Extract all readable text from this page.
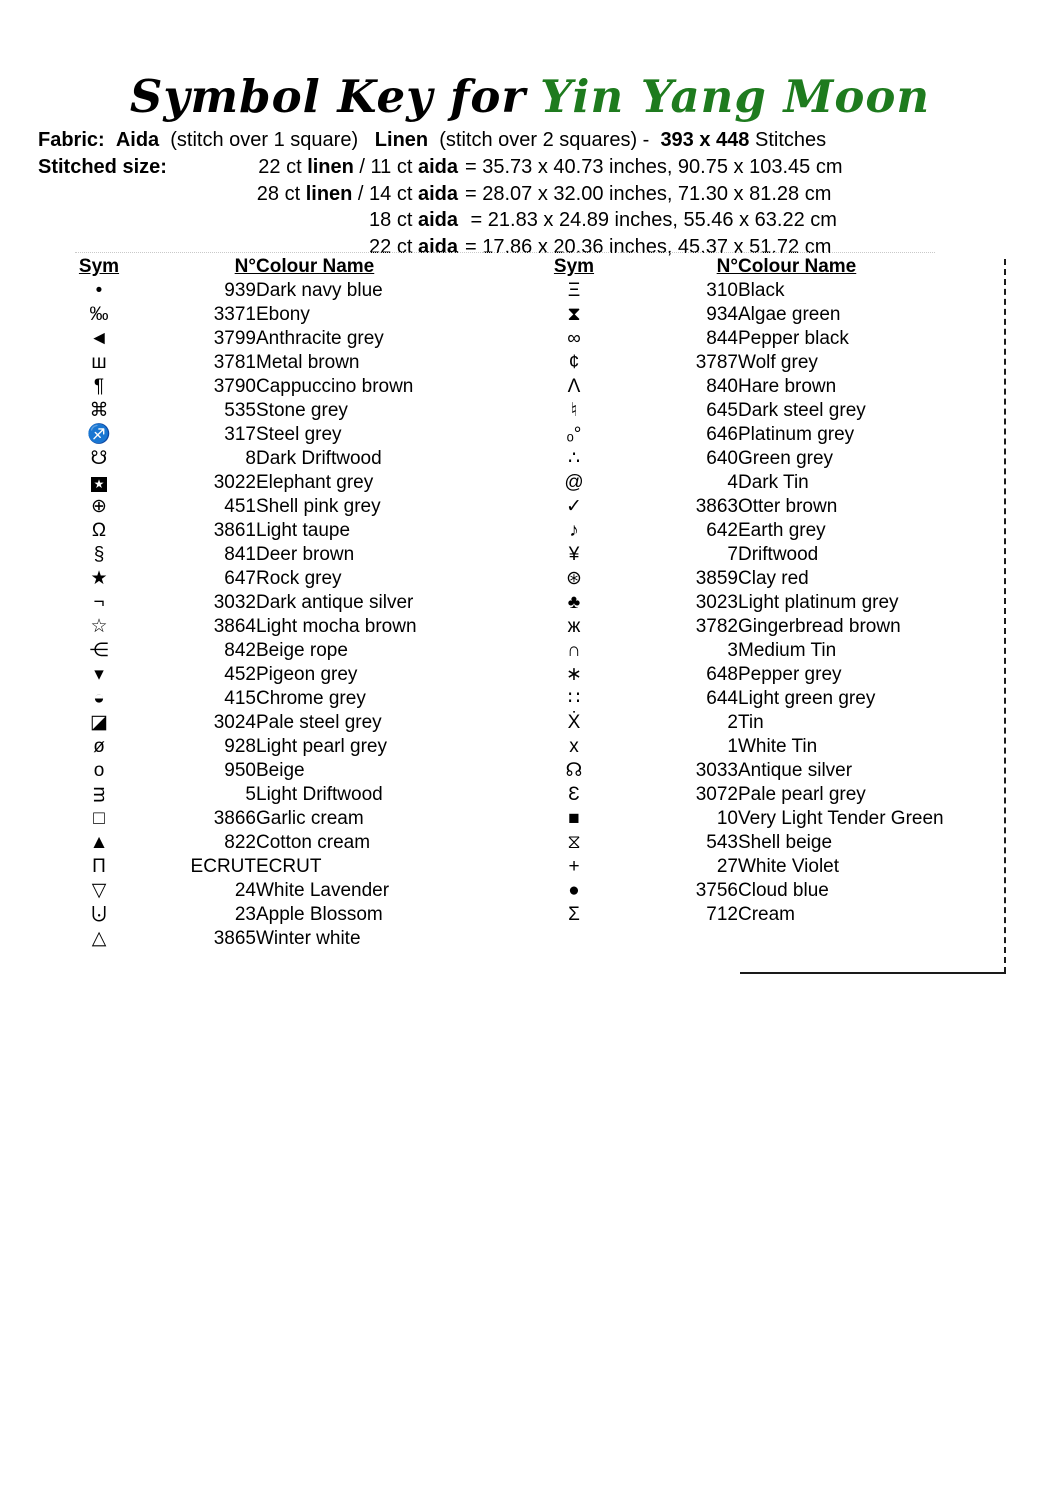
Symbol Key for Yin Yang Moon
Fabric: Aida  (stitch over 1 square)   Linen  (stitch over 2 squares) -  393 x 448 Stitches
Stitched size:	22 ct linen / 11 ct aida = 35.73 x 40.73 inches, 90.75 x 103.45 cm
28 ct linen / 14 ct aida = 28.07 x 32.00 inches, 71.30 x 81.28 cm
18 ct aida = 21.83 x 24.89 inches, 55.46 x 63.22 cm
22 ct aida = 17.86 x 20.36 inches, 45.37 x 51.72 cm
Sym	N°	Colour Name
•	939	Dark navy blue
‰	3371	Ebony
◄	3799	Anthracite grey
ш	3781	Metal brown
¶	3790	Cappuccino brown
⌘	535	Stone grey
♐	317	Steel grey
☋	8	Dark Driftwood
★	3022	Elephant grey
⊕	451	Shell pink grey
Ω	3861	Light taupe
§	841	Deer brown
★	647	Rock grey
¬	3032	Dark antique silver
☆	3864	Light mocha brown
⋲	842	Beige rope
▾	452	Pigeon grey
◒	415	Chrome grey
◪	3024	Pale steel grey
ø	928	Light pearl grey
o	950	Beige
ᴟ	5	Light Driftwood
□	3866	Garlic cream
▲	822	Cotton cream
Π	ECRUT	ECRUT
▽	24	White Lavender
⨃	23	Apple Blossom
△	3865	Winter white
Sym	N°	Colour Name
Ξ	310	Black
⧗	934	Algae green
∞	844	Pepper black
¢	3787	Wolf grey
Λ	840	Hare brown
♮	645	Dark steel grey
ₒ°	646	Platinum grey
∴	640	Green grey
@	4	Dark Tin
✓	3863	Otter brown
♪	642	Earth grey
¥	7	Driftwood
⊛	3859	Clay red
♣	3023	Light platinum grey
ж	3782	Gingerbread brown
∩	3	Medium Tin
∗	648	Pepper grey
∷	644	Light green grey
Ẋ	2	Tin
x	1	White Tin
☊	3033	Antique silver
Ɛ	3072	Pale pearl grey
■	10	Very Light Tender Green
⧖	543	Shell beige
+	27	White Violet
●	3756	Cloud blue
Σ	712	Cream
